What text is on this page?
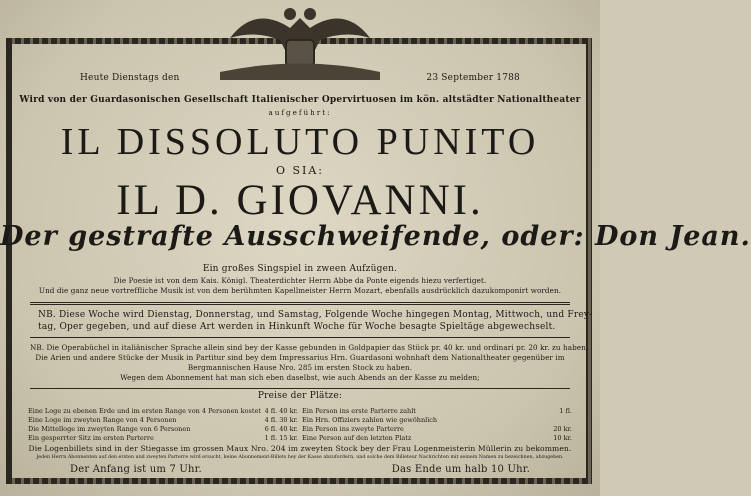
Heute Dienstags den	23 September 1788
Wird von der Guardasonischen Gesellschaft Italienischer Opervirtuosen im kön. altstädter Nationaltheater
aufgeführt:
IL DISSOLUTO PUNITO
O SIA:
IL D. GIOVANNI.
Der gestrafte Ausschweifende, oder: Don Jean.
Ein großes Singspiel in zween Aufzügen.
Die Poesie ist von dem Kais. Königl. Theaterdichter Herrn Abbe da Ponte eigends hiezu verfertiget.
Und die ganz neue vortreffliche Musik ist von dem berühmten Kapellmeister Herrn Mozart, ebenfalls ausdrücklich dazukomponirt worden.
NB. Diese Woche wird Dienstag, Donnerstag, und Samstag, Folgende Woche hingegen Montag, Mittwoch, und Frey-
tag, Oper gegeben, und auf diese Art werden in Hinkunft Woche für Woche besagte Spieltäge abgewechselt.
NB. Die Operabüchel in italiänischer Sprache allein sind bey der Kasse gebunden in Goldpapier das Stück pr. 40 kr. und ordinari pr. 20 kr. zu haben.
Die Arien und andere Stücke der Musik in Partitur sind bey dem Impressarius Hrn. Guardasoni wohnhaft dem Nationaltheater gegenüber im
Bergmannischen Hause Nro. 285 im ersten Stock zu haben.
Wegen dem Abonnement hat man sich eben daselbst, wie auch Abends an der Kasse zu melden;
Preise der Plätze:
Eine Loge zu ebenen Erde und im ersten Range von 4 Personen kostet 4 fl. 40 kr. Ein Person ins erste Parterre zahlt	1 fl.
Eine Loge im zweyten Range von 4 Personen	4 fl. 30 kr. Ein Hrn. Offiziers zahlen wie gewöhnlich
Die Mittelloge im zweyten Range von 6 Personen	6 fl. 40 kr. Ein Person ins zweyte Parterre	20 kr.
Ein gesperrter Sitz im ersten Parterre	1 fl. 15 kr. Eine Person auf den letzten Platz	10 kr.
Die Logenbillets sind in der Stiegasse im grossen Maux Nro. 204 im zweyten Stock bey der Frau Logenmeisterin Müllerin zu bekommen.
Jeden Herrn Abonnenten auf den ersten und zweyten Parterre wird ersucht, keine Abonnement-Billets bey der Kasse abzufordern, und solche dem Billeteur Nachrichten mit seinem Namen zu bezeichnen, abzugeben.
Der Anfang ist um 7 Uhr.	Das Ende um halb 10 Uhr.
